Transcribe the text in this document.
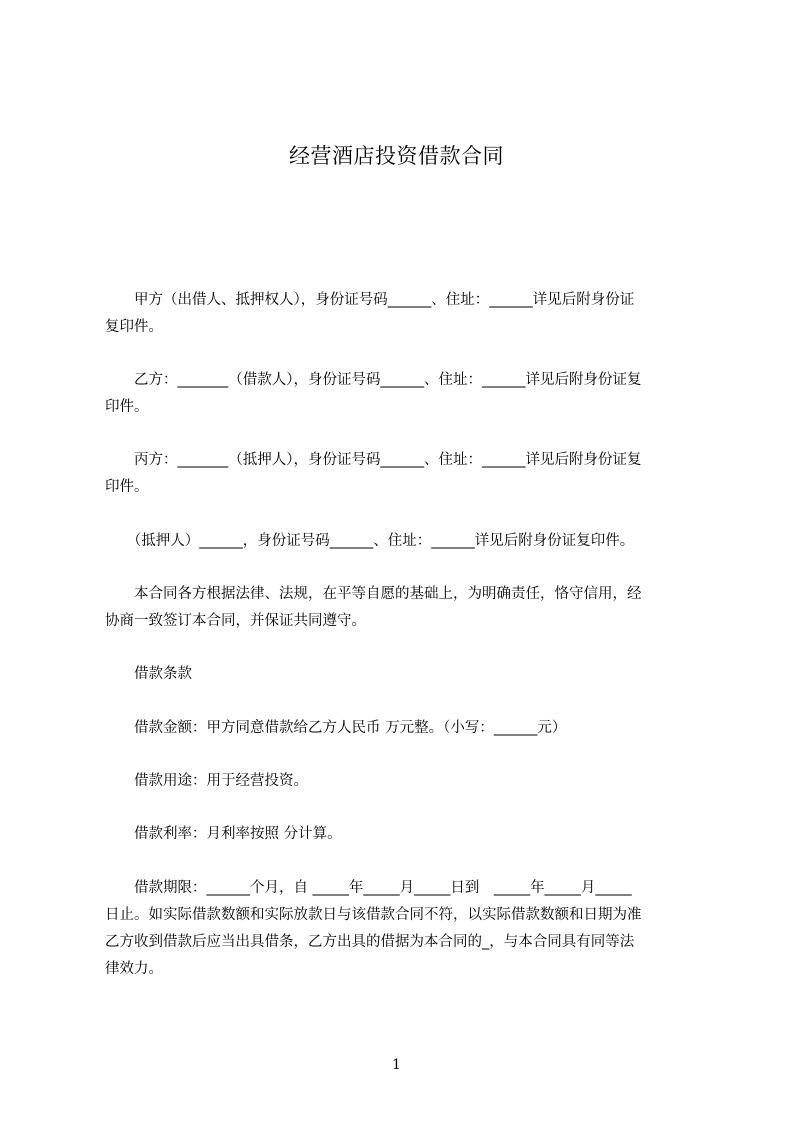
经营酒店投资借款合同
　　甲方（出借人、抵押权人），身份证号码______、住址：______详见后附身份证
复印件。
　　乙方：_______（借款人），身份证号码______、住址：______详见后附身份证复
印件。
　　丙方：_______（抵押人），身份证号码______、住址：______详见后附身份证复
印件。
　　（抵押人）______，身份证号码______、住址：______详见后附身份证复印件。
　　本合同各方根据法律、法规，在平等自愿的基础上，为明确责任，恪守信用，经
协商一致签订本合同，并保证共同遵守。
　　借款条款
　　借款金额：甲方同意借款给乙方人民币 万元整。（小写：______元）
　　借款用途：用于经营投资。
　　借款利率：月利率按照 分计算。
　　借款期限：______个月，自 _____年_____月_____日到　_____年_____月_____
日止。如实际借款数额和实际放款日与该借款合同不符，以实际借款数额和日期为准
乙方收到借款后应当出具借条，乙方出具的借据为本合同的_，与本合同具有同等法
律效力。
1
